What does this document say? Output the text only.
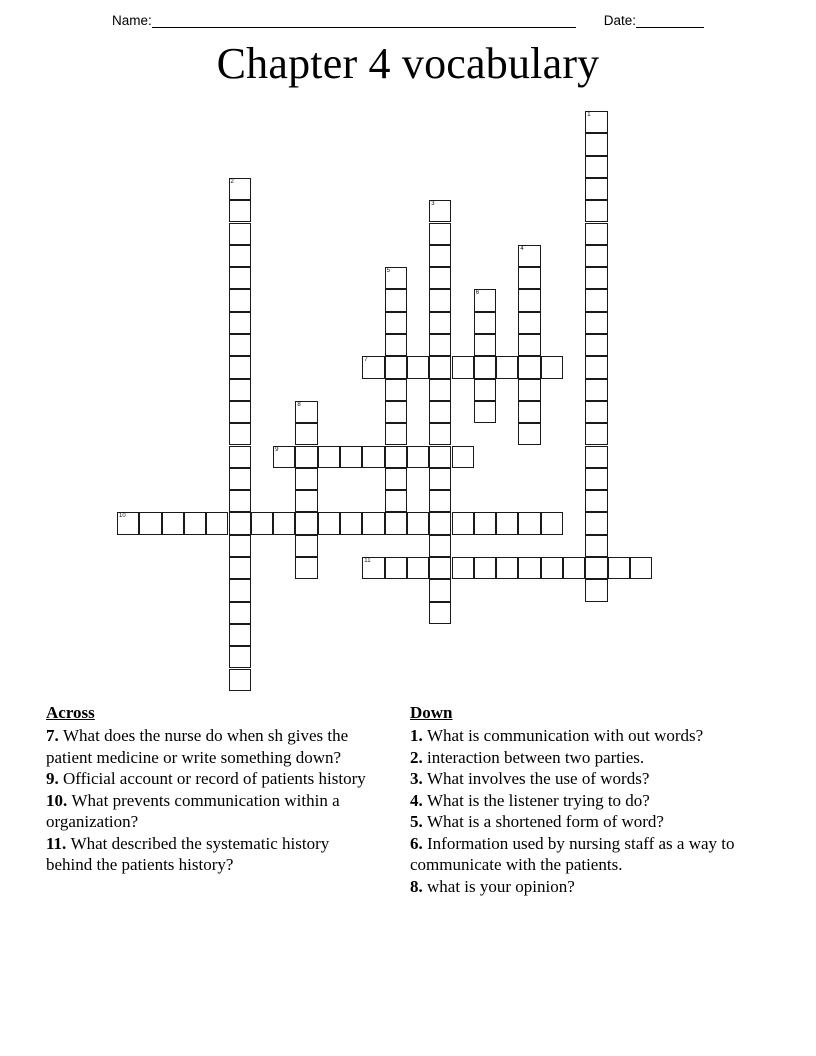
Name:	Date:
Chapter 4 vocabulary
1
2
3
4
5
6
7
8
9
10
11
Across
7. What does the nurse do when sh gives the patient medicine or write something down?
9. Official account or record of patients history
10. What prevents communication within a organization?
11. What described the systematic history behind the patients history?
Down
1. What is communication with out words?
2. interaction between two parties.
3. What involves the use of words?
4. What is the listener trying to do?
5. What is a shortened form of word?
6. Information used by nursing staff as a way to communicate with the patients.
8. what is your opinion?
